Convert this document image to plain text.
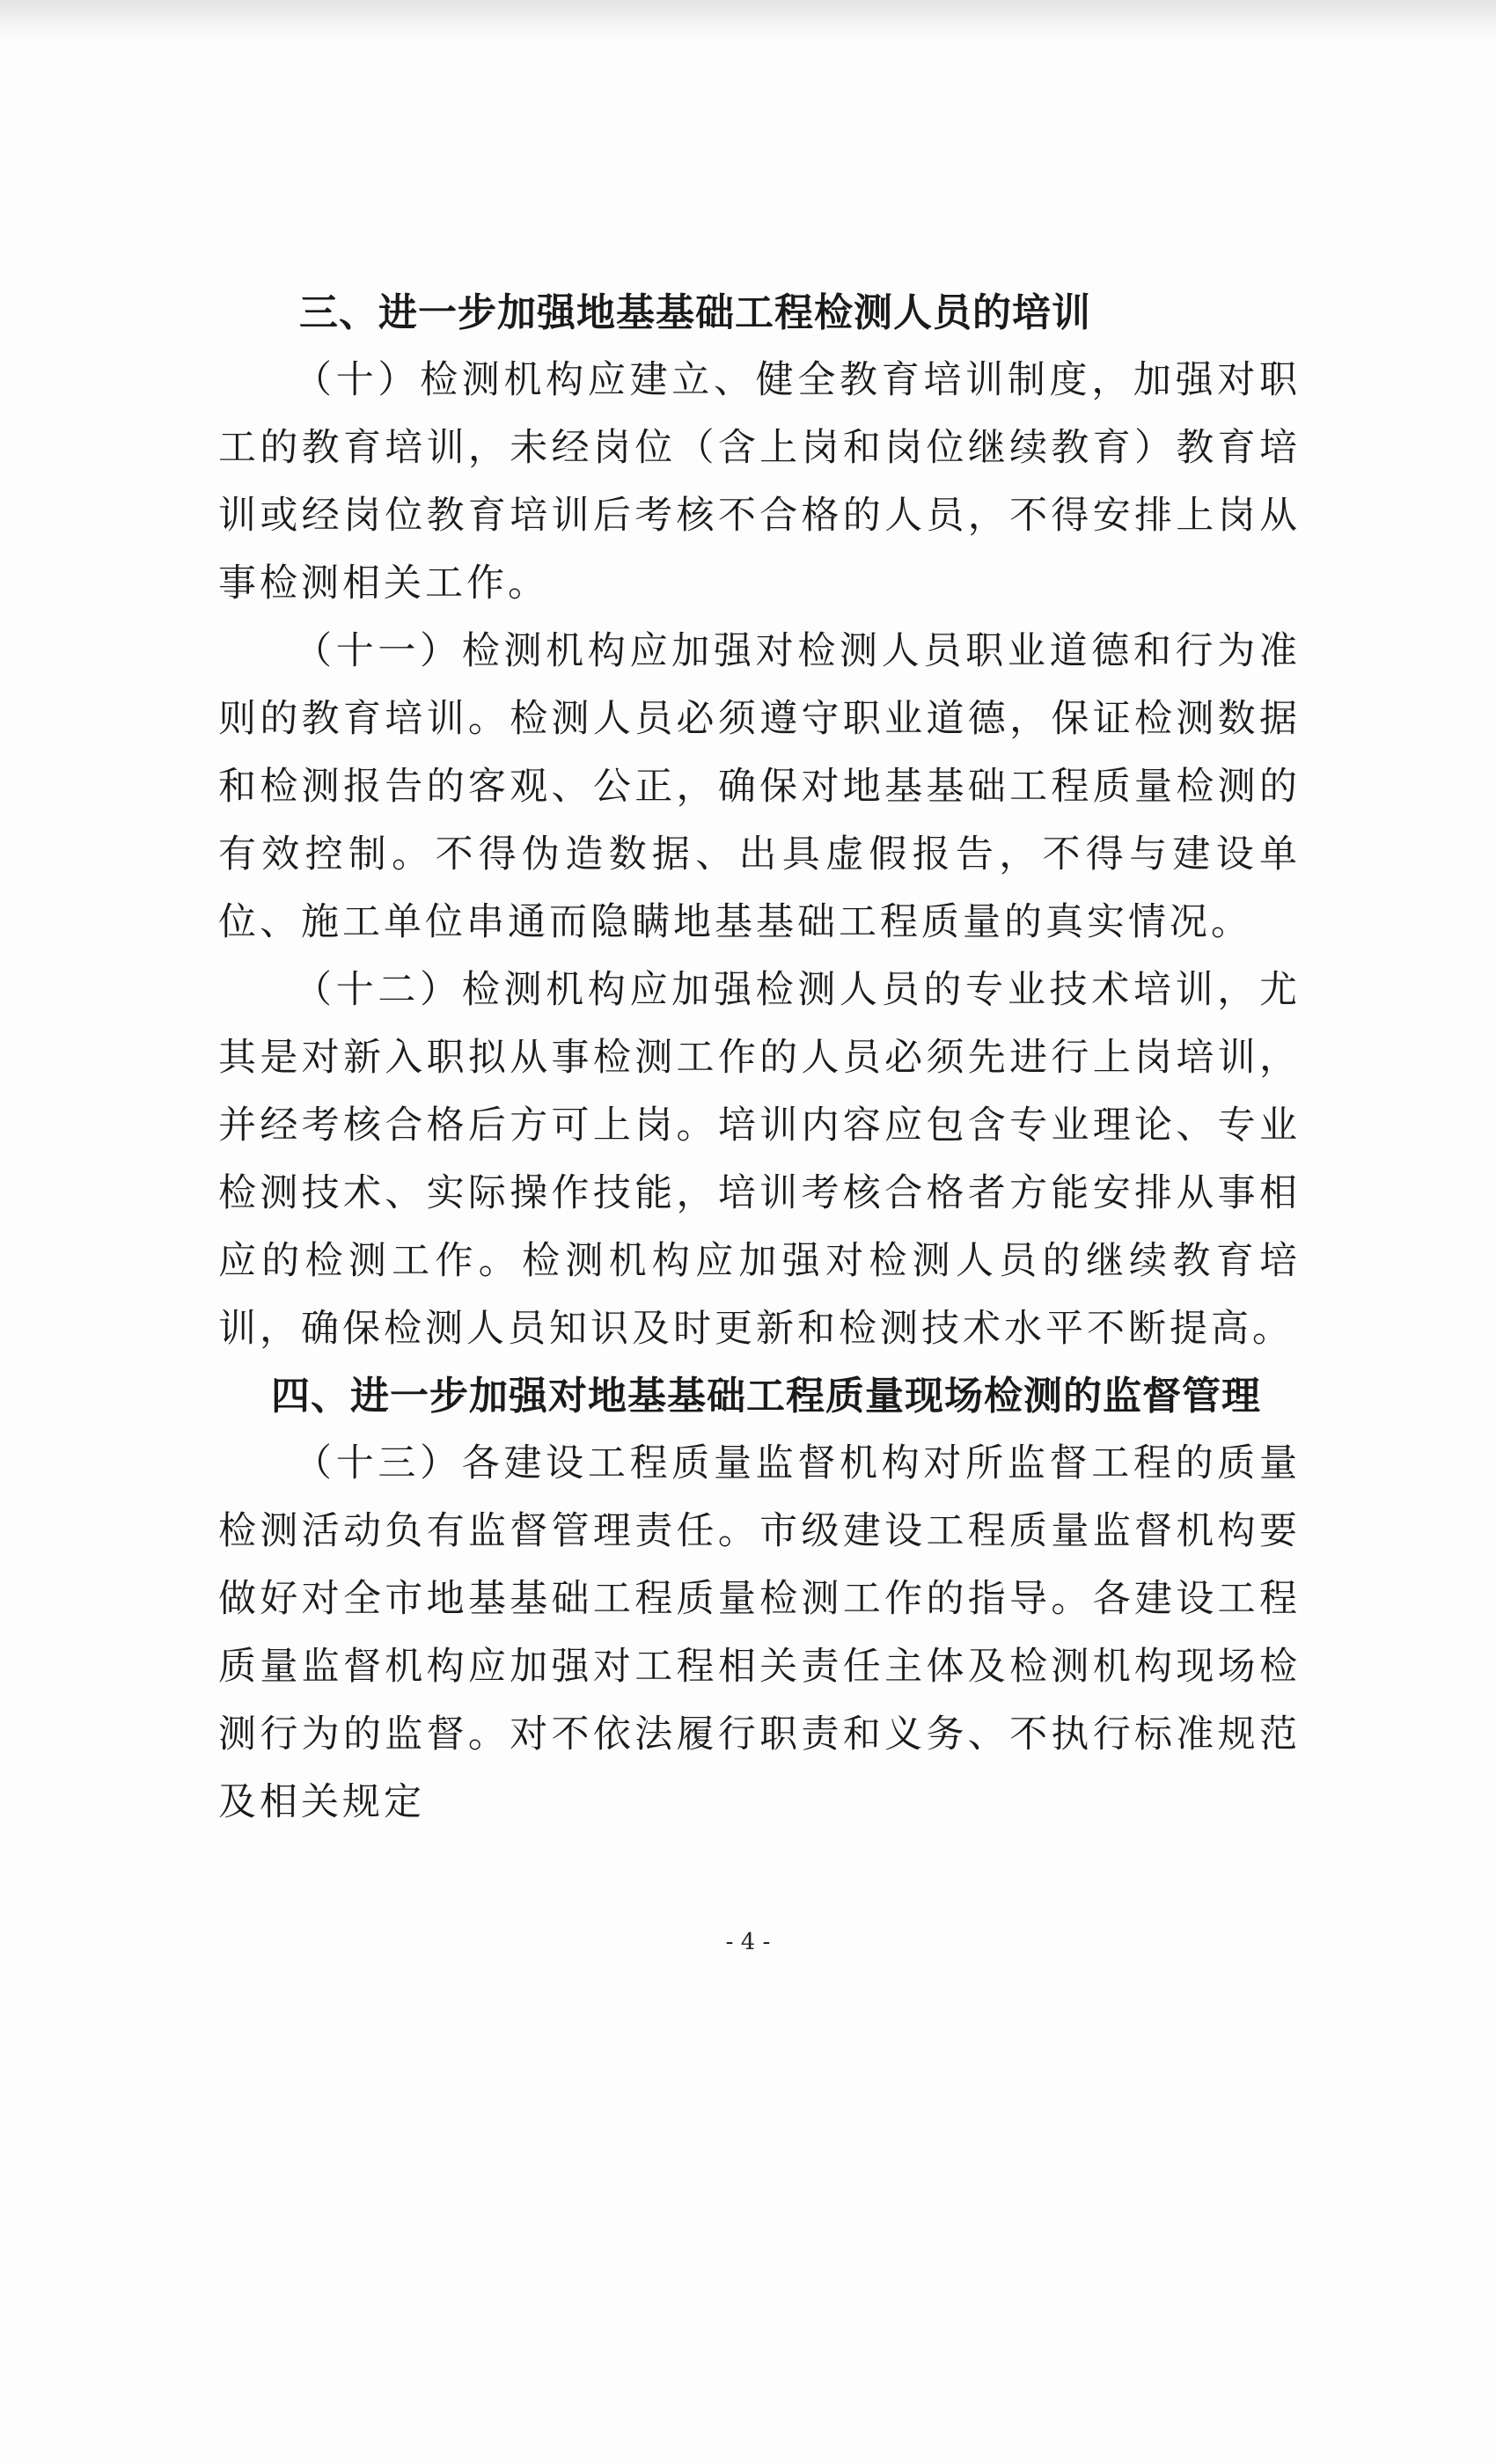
三、进一步加强地基基础工程检测人员的培训

（十）检测机构应建立、健全教育培训制度，加强对职工的教育培训，未经岗位（含上岗和岗位继续教育）教育培训或经岗位教育培训后考核不合格的人员，不得安排上岗从事检测相关工作。

（十一）检测机构应加强对检测人员职业道德和行为准则的教育培训。检测人员必须遵守职业道德，保证检测数据和检测报告的客观、公正，确保对地基基础工程质量检测的有效控制。不得伪造数据、出具虚假报告，不得与建设单位、施工单位串通而隐瞒地基基础工程质量的真实情况。

（十二）检测机构应加强检测人员的专业技术培训，尤其是对新入职拟从事检测工作的人员必须先进行上岗培训，并经考核合格后方可上岗。培训内容应包含专业理论、专业检测技术、实际操作技能，培训考核合格者方能安排从事相应的检测工作。检测机构应加强对检测人员的继续教育培训，确保检测人员知识及时更新和检测技术水平不断提高。

四、进一步加强对地基基础工程质量现场检测的监督管理

（十三）各建设工程质量监督机构对所监督工程的质量检测活动负有监督管理责任。市级建设工程质量监督机构要做好对全市地基基础工程质量检测工作的指导。各建设工程质量监督机构应加强对工程相关责任主体及检测机构现场检测行为的监督。对不依法履行职责和义务、不执行标准规范及相关规定

- 4 -
